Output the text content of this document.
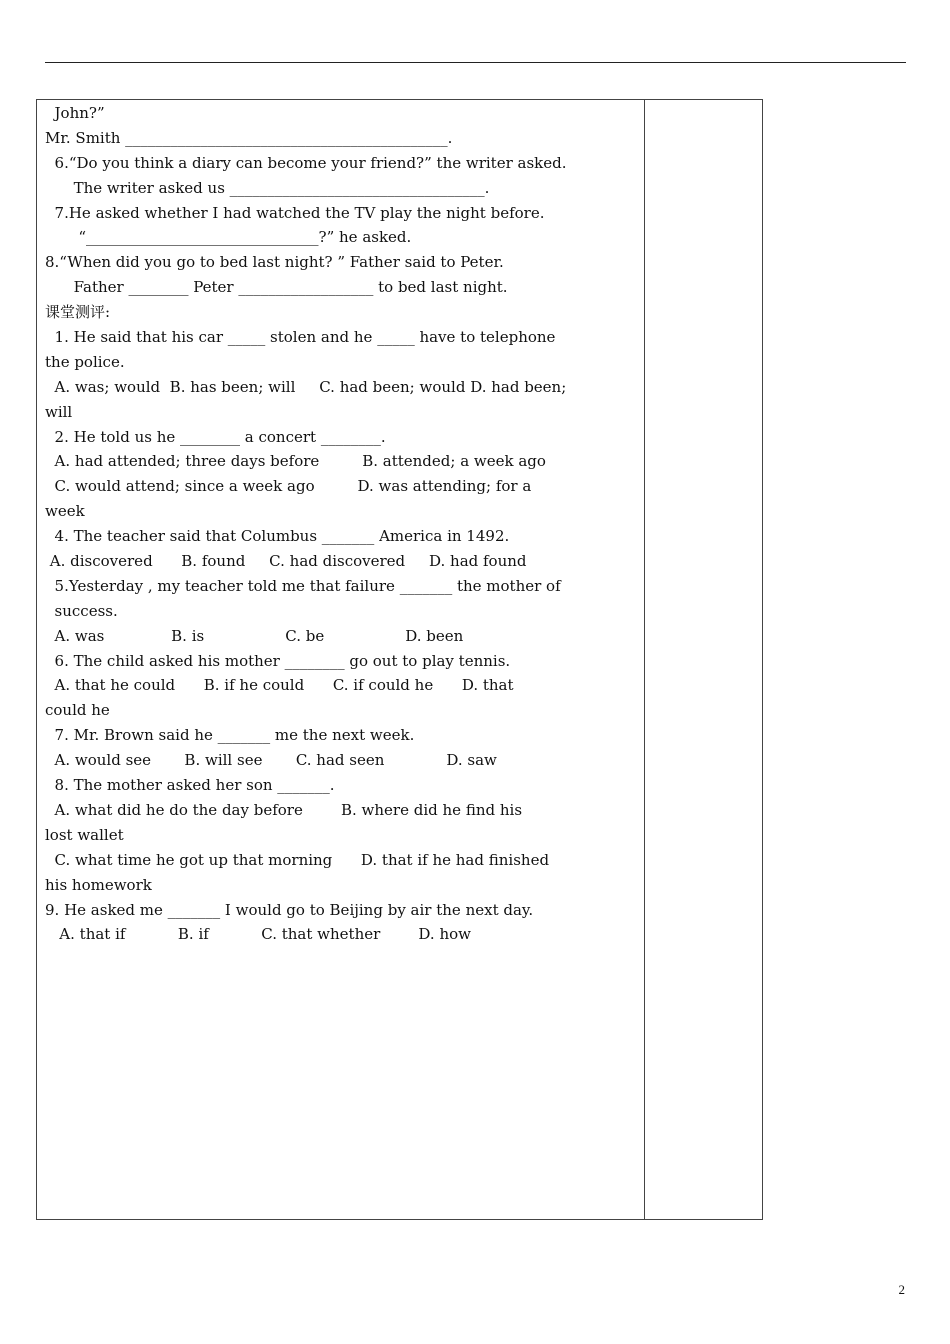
John?”
Mr. Smith ___________________________________________.
6.“Do you think a diary can become your friend?” the writer asked.
The writer asked us __________________________________.
7.He asked whether I had watched the TV play the night before.
“_______________________________?” he asked.
8.“When did you go to bed last night? ” Father said to Peter.
Father ________ Peter __________________ to bed last night.
课堂测评:
1. He said that his car _____ stolen and he _____ have to telephone
the police.
A. was; would  B. has been; will     C. had been; would D. had been;
will
2. He told us he ________ a concert ________.
A. had attended; three days before         B. attended; a week ago
C. would attend; since a week ago         D. was attending; for a
week
4. The teacher said that Columbus _______ America in 1492.
A. discovered      B. found     C. had discovered     D. had found
5.Yesterday , my teacher told me that failure _______ the mother of
success.
A. was              B. is                 C. be                 D. been
6. The child asked his mother ________ go out to play tennis.
A. that he could      B. if he could      C. if could he      D. that
could he
7. Mr. Brown said he _______ me the next week.
A. would see       B. will see       C. had seen             D. saw
8. The mother asked her son _______.
A. what did he do the day before        B. where did he find his
lost wallet
C. what time he got up that morning      D. that if he had finished
his homework
9. He asked me _______ I would go to Beijing by air the next day.
A. that if           B. if           C. that whether        D. how
2
